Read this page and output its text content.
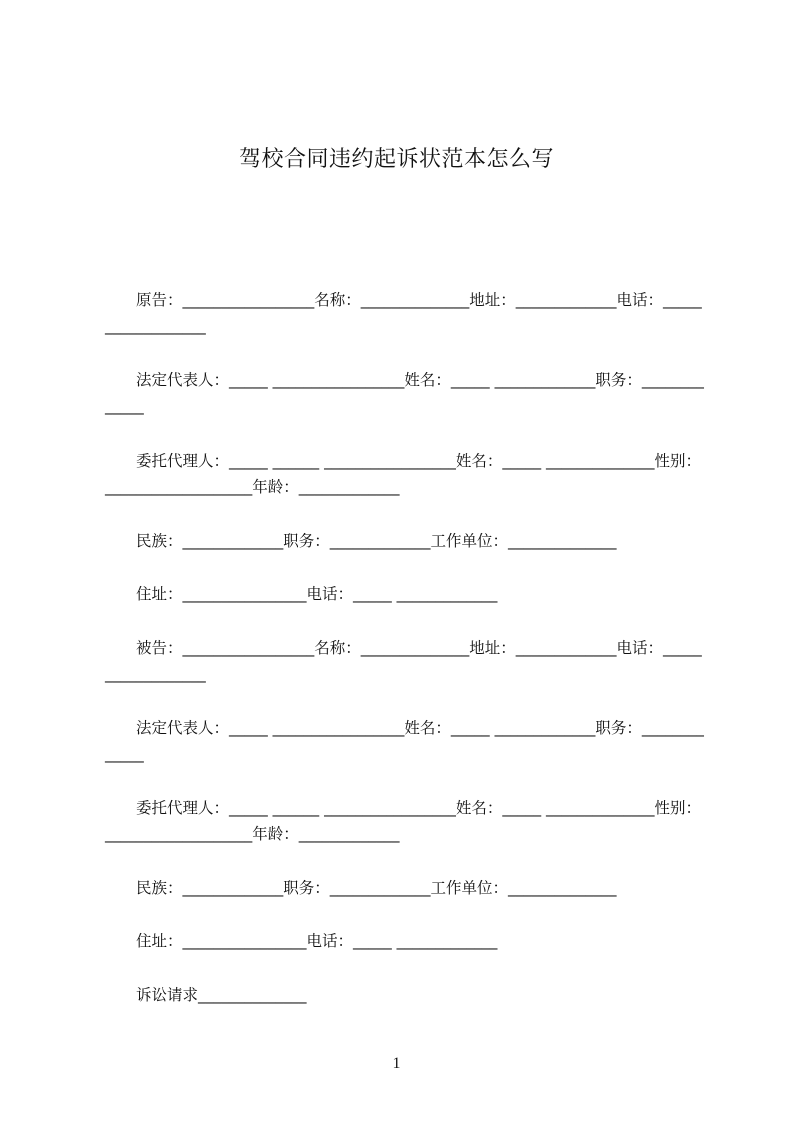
驾校合同违约起诉状范本怎么写

原告：_________________名称：______________地址：_____________电话：_____ _____________

法定代表人：_____ _________________姓名：_____ _____________职务：_____________

委托代理人：_____ ______ _________________姓名：_____ ______________性别：___________________年龄：_____________

民族：_____________职务：_____________工作单位：______________

住址：________________电话：_____ _____________

被告：_________________名称：______________地址：_____________电话：_____ _____________

法定代表人：_____ _________________姓名：_____ _____________职务：_____________

委托代理人：_____ ______ _________________姓名：_____ ______________性别：___________________年龄：_____________

民族：_____________职务：_____________工作单位：______________

住址：________________电话：_____ _____________

诉讼请求______________

1
